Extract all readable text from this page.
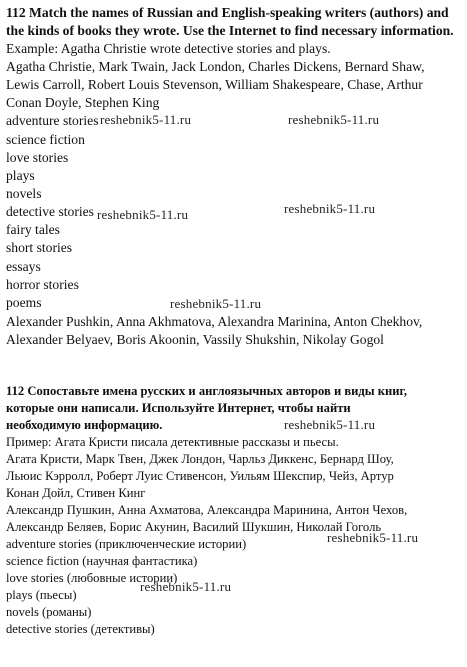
112 Match the names of Russian and English-speaking writers (authors) and
the kinds of books they wrote. Use the Internet to find necessary information.
Example: Agatha Christie wrote detective stories and plays.
Agatha Christie, Mark Twain, Jack London, Charles Dickens, Bernard Shaw,
Lewis Carroll, Robert Louis Stevenson, William Shakespeare, Chase, Arthur
Conan Doyle, Stephen King
adventure stories
science fiction
love stories
plays
novels
detective stories
fairy tales
short stories
essays
horror stories
poems
Alexander Pushkin, Anna Akhmatova, Alexandra Marinina, Anton Chekhov,
Alexander Belyaev, Boris Akoonin, Vassily Shukshin, Nikolay Gogol
112 Сопоставьте имена русских и англоязычных авторов и виды книг,
которые они написали. Используйте Интернет, чтобы найти
необходимую информацию.
Пример: Агата Кристи писала детективные рассказы и пьесы.
Агата Кристи, Марк Твен, Джек Лондон, Чарльз Диккенс, Бернард Шоу,
Льюис Кэрролл, Роберт Луис Стивенсон, Уильям Шекспир, Чейз, Артур
Конан Дойл, Стивен Кинг
Александр Пушкин, Анна Ахматова, Александра Маринина, Антон Чехов,
Александр Беляев, Борис Акунин, Василий Шукшин, Николай Гоголь
adventure stories (приключенческие истории)
science fiction (научная фантастика)
love stories (любовные истории)
plays (пьесы)
novels (романы)
detective stories (детективы)
reshebnik5-11.ru	reshebnik5-11.ru
reshebnik5-11.ru	reshebnik5-11.ru
reshebnik5-11.ru
reshebnik5-11.ru
reshebnik5-11.ru
reshebnik5-11.ru
